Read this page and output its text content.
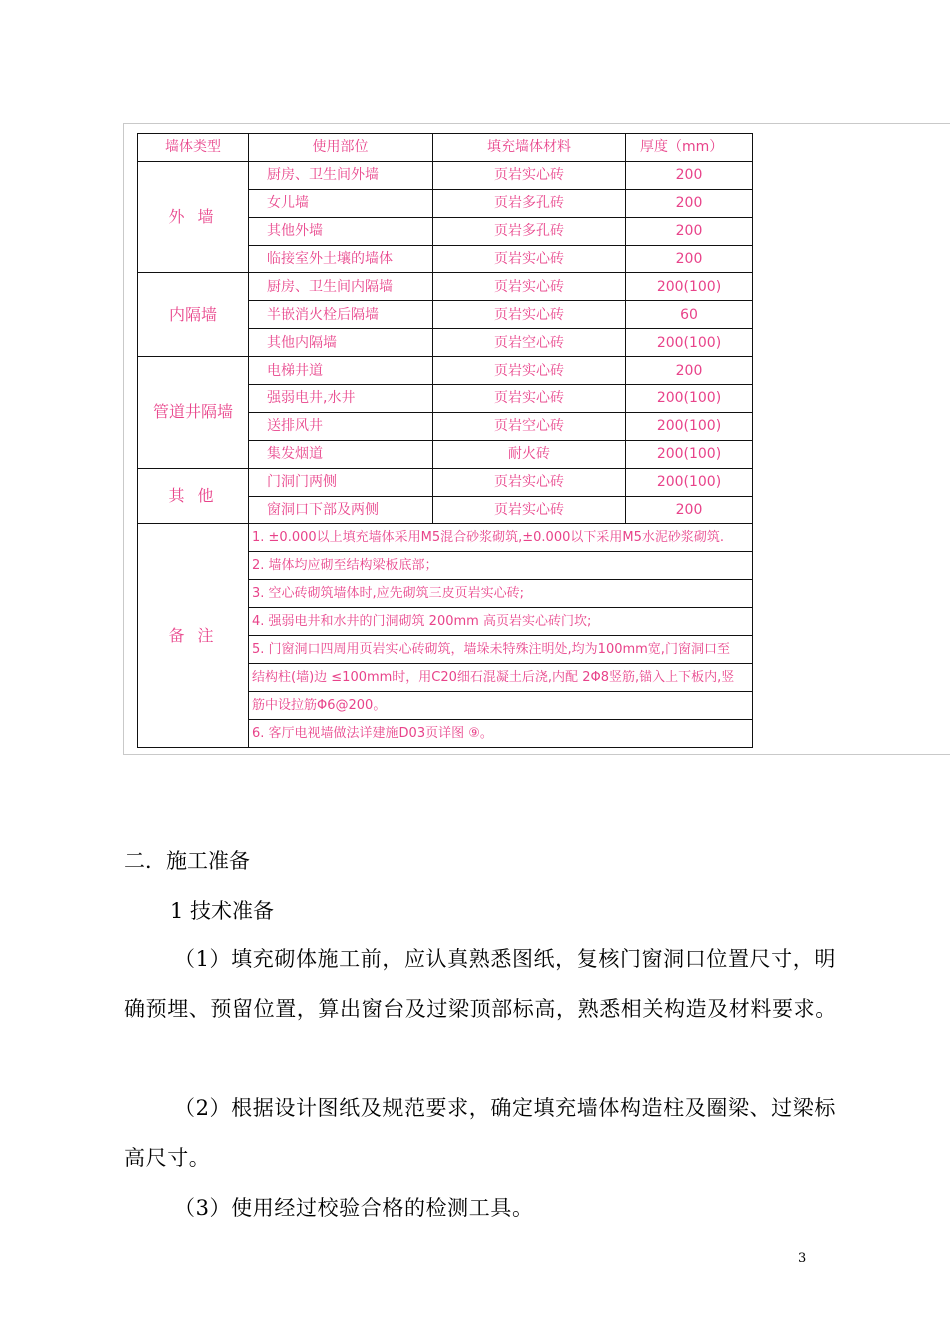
墙体类型	使用部位	填充墙体材料	厚度（mm）
外 墙	厨房、卫生间外墙	页岩实心砖	200
	女儿墙	页岩多孔砖	200
	其他外墙	页岩多孔砖	200
	临接室外土壤的墙体	页岩实心砖	200
内隔墙	厨房、卫生间内隔墙	页岩实心砖	200(100)
	半嵌消火栓后隔墙	页岩实心砖	60
	其他内隔墙	页岩空心砖	200(100)
管道井隔墙	电梯井道	页岩实心砖	200
	强弱电井,水井	页岩实心砖	200(100)
	送排风井	页岩空心砖	200(100)
	集发烟道	耐火砖	200(100)
其 他	门洞门两侧	页岩实心砖	200(100)
	窗洞口下部及两侧	页岩实心砖	200
备 注	1. ±0.000以上填充墙体采用M5混合砂浆砌筑,±0.000以下采用M5水泥砂浆砌筑.		
	2. 墙体均应砌至结构梁板底部；		
	3. 空心砖砌筑墙体时,应先砌筑三皮页岩实心砖;		
	4. 强弱电井和水井的门洞砌筑 200mm 高页岩实心砖门坎;		
	5. 门窗洞口四周用页岩实心砖砌筑，墙垛未特殊注明处,均为100mm宽,门窗洞口至		
	结构柱(墙)边 ≤100mm时，用C20细石混凝土后浇,内配 2Φ8竖筋,锚入上下板内,竖		
	筋中设拉筋Φ6@200。		
	6. 客厅电视墙做法详建施D03页详图 ⑨。		
二．施工准备
1 技术准备
（1）填充砌体施工前，应认真熟悉图纸，复核门窗洞口位置尺寸，明确预埋、预留位置，算出窗台及过梁顶部标高，熟悉相关构造及材料要求。
（2）根据设计图纸及规范要求，确定填充墙体构造柱及圈梁、过梁标高尺寸。
（3）使用经过校验合格的检测工具。
3
